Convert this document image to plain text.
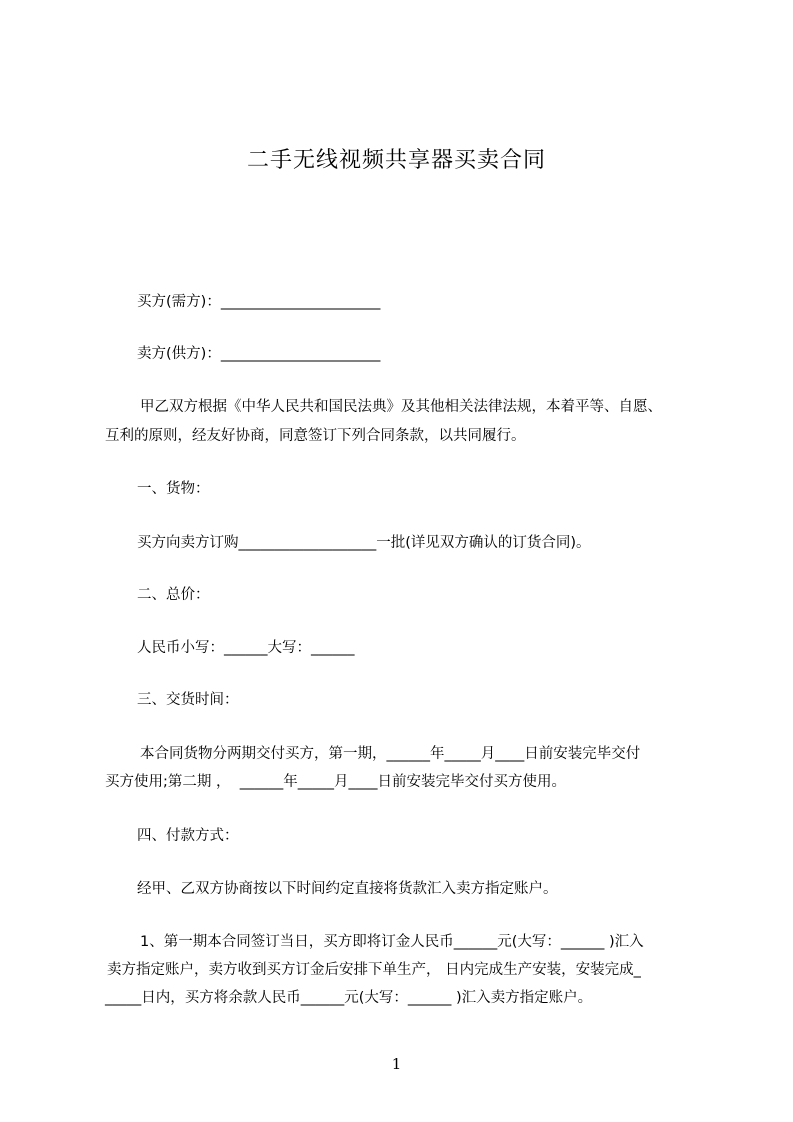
二手无线视频共享器买卖合同
买方(需方)：______________________
卖方(供方)：______________________
甲乙双方根据《中华人民共和国民法典》及其他相关法律法规，本着平等、自愿、
互利的原则，经友好协商，同意签订下列合同条款，以共同履行。
一、货物：
买方向卖方订购___________________一批(详见双方确认的订货合同)。
二、总价：
人民币小写：______大写：______
三、交货时间：
本合同货物分两期交付买方，第一期，______年_____月____日前安装完毕交付
买方使用;第二期 ，  ______年_____月____日前安装完毕交付买方使用。
四、付款方式：
经甲、乙双方协商按以下时间约定直接将货款汇入卖方指定账户。
1、第一期本合同签订当日，买方即将订金人民币______元(大写：______ )汇入
卖方指定账户，卖方收到买方订金后安排下单生产， 日内完成生产安装，安装完成_
_____日内，买方将余款人民币______元(大写：______ )汇入卖方指定账户。
1
